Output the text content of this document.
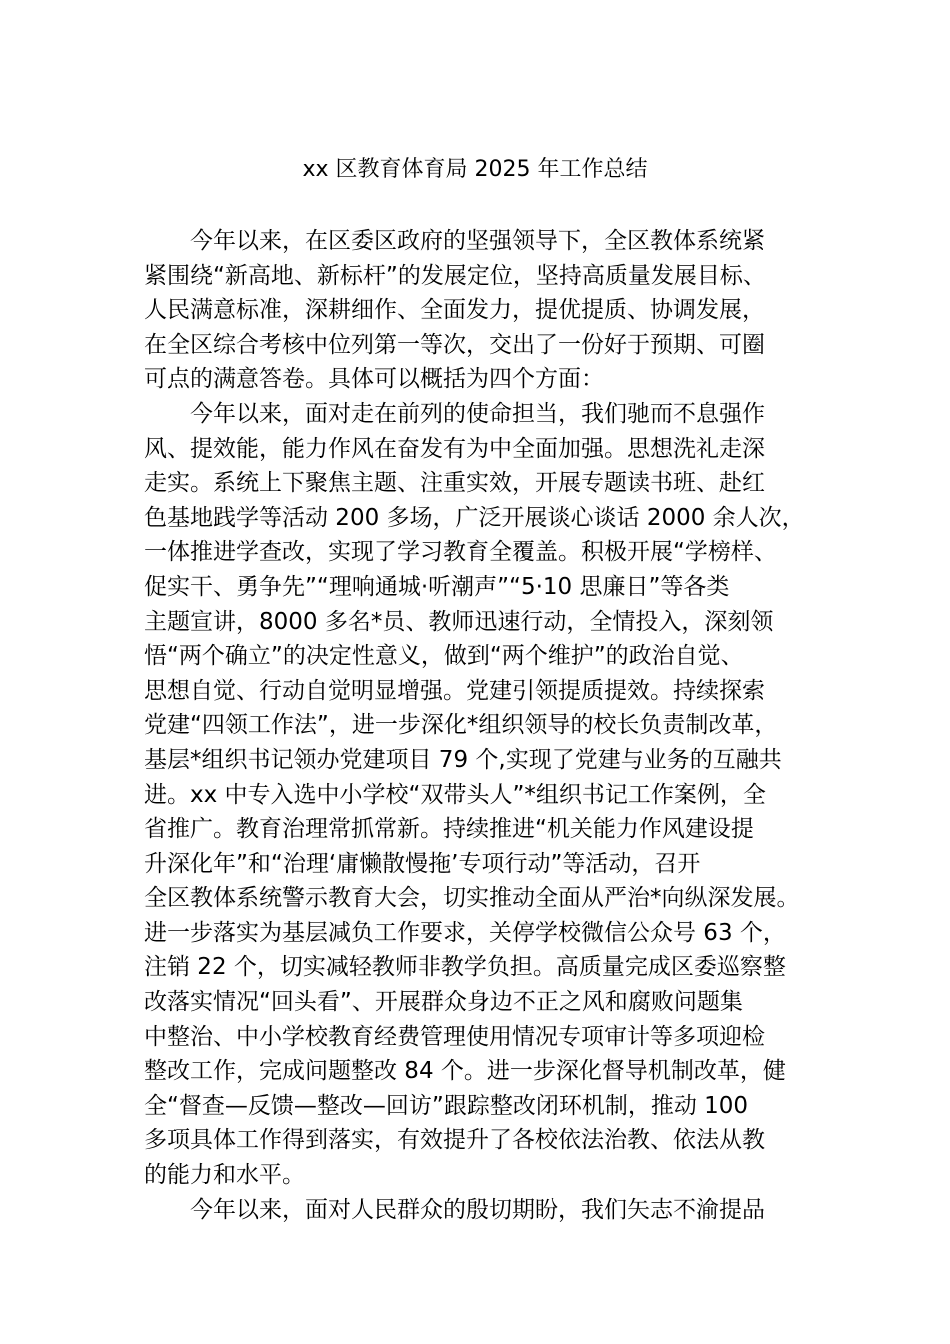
xx 区教育体育局 2025 年工作总结
今年以来，在区委区政府的坚强领导下，全区教体系统紧
紧围绕“新高地、新标杆”的发展定位，坚持高质量发展目标、
人民满意标准，深耕细作、全面发力，提优提质、协调发展，
在全区综合考核中位列第一等次，交出了一份好于预期、可圈
可点的满意答卷。具体可以概括为四个方面：
今年以来，面对走在前列的使命担当，我们驰而不息强作
风、提效能，能力作风在奋发有为中全面加强。思想洗礼走深
走实。系统上下聚焦主题、注重实效，开展专题读书班、赴红
色基地践学等活动 200 多场，广泛开展谈心谈话 2000 余人次，
一体推进学查改，实现了学习教育全覆盖。积极开展“学榜样、
促实干、勇争先”“理响通城·听潮声”“5·10 思廉日”等各类
主题宣讲，8000 多名*员、教师迅速行动，全情投入，深刻领
悟“两个确立”的决定性意义，做到“两个维护”的政治自觉、
思想自觉、行动自觉明显增强。党建引领提质提效。持续探索
党建“四领工作法”，进一步深化*组织领导的校长负责制改革，
基层*组织书记领办党建项目 79 个,实现了党建与业务的互融共
进。xx 中专入选中小学校“双带头人”*组织书记工作案例，全
省推广。教育治理常抓常新。持续推进“机关能力作风建设提
升深化年”和“治理‘庸懒散慢拖’专项行动”等活动，召开
全区教体系统警示教育大会，切实推动全面从严治*向纵深发展。
进一步落实为基层减负工作要求，关停学校微信公众号 63 个，
注销 22 个，切实减轻教师非教学负担。高质量完成区委巡察整
改落实情况“回头看”、开展群众身边不正之风和腐败问题集
中整治、中小学校教育经费管理使用情况专项审计等多项迎检
整改工作，完成问题整改 84 个。进一步深化督导机制改革，健
全“督查—反馈—整改—回访”跟踪整改闭环机制，推动 100
多项具体工作得到落实，有效提升了各校依法治教、依法从教
的能力和水平。
今年以来，面对人民群众的殷切期盼，我们矢志不渝提品
